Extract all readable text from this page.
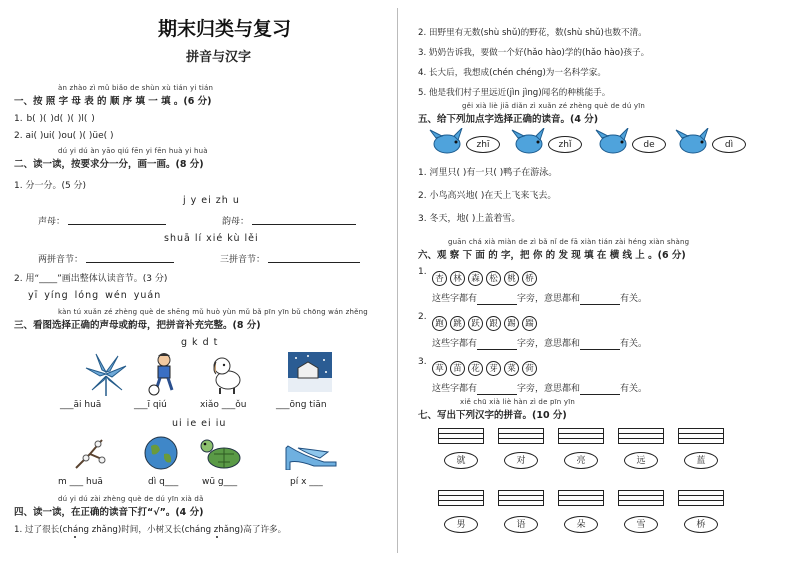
期末归类与复习
拼音与汉字
àn zhào zì mǔ biǎo de shùn xù tián yi tián
一、按 照 字 母 表 的 顺 序 填 一 填 。(6 分)
1. b( )( )d( )( )l( )
2. ai( )ui( )ou( )( )üe( )
dú yi dú àn yāo qiú fēn yi fēn huà yi huà
二、读一读，按要求分一分，画一画。(8 分)
1. 分一分。(5 分)
j y ei zh u
声母：	韵母：
shuā lí xié kù lěi
两拼音节：	三拼音节：
2. 用“____”画出整体认读音节。(3 分)
yī yíng lóng wén yuán
kàn tú xuǎn zé zhèng què de shēng mǔ huò yùn mǔ bǎ pīn yīn bǔ chōng wán zhěng
三、看图选择正确的声母或韵母，把拼音补充完整。(8 分)
g k d t
___āi huā	___ī qiú	xiǎo ___ǒu	___ōng tiān
ui ie ei iu
m ___ huā	dì q___	wū g___	pí x ___
dú yi dú zài zhèng què de dú yīn xià dǎ
四、读一读，在正确的读音下打“√”。(4 分)
1. 过了很长(cháng zhǎng)时间，小树又长(cháng zhǎng)高了许多。
2. 田野里有无数(shù shǔ)的野花，数(shù shǔ)也数不清。
3. 奶奶告诉我，要做一个好(hǎo hào)学的(hǎo hào)孩子。
4. 长大后，我想成(chén chéng)为一名科学家。
5. 他是我们村子里远近(jìn jìng)闻名的种桃能手。
gěi xià liè jiā diǎn zì xuǎn zé zhèng què de dú yīn
五、给下列加点字选择正确的读音。(4 分)
zhī	zhǐ	de	dì
1. 河里只( )有一只( )鸭子在游泳。
2. 小鸟高兴地( )在天上飞来飞去。
3. 冬天，地( )上盖着雪。
guān chá xià miàn de zì bǎ nǐ de fā xiàn tián zài héng xiàn shàng
六、观 察 下 面 的 字，把 你 的 发 现 填 在 横 线 上 。(6 分)
1.
杏 林 森 松 桃 桥
这些字都有	字旁，意思都和	有关。
2.
跑 跳 跃 跟 踢 踹
这些字都有	字旁，意思都和	有关。
3.
草 苗 花 芽 菜 荷
这些字都有	字旁，意思都和	有关。
xiě chū xià liè hàn zì de pīn yīn
七、写出下列汉字的拼音。(10 分)
就	对	亮	远	蓝
男	语	朵	雪	桥
